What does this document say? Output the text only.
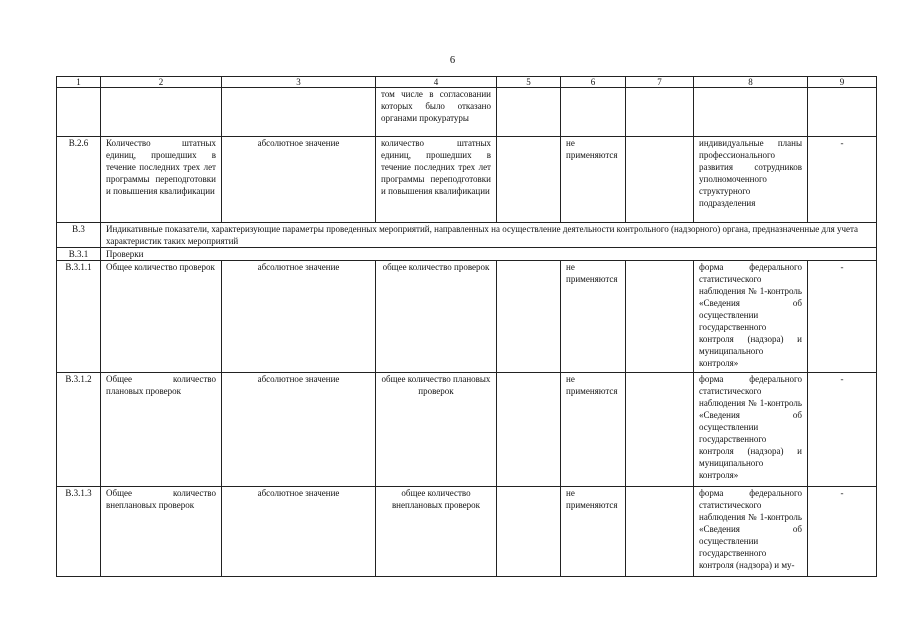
6
1	2	3	4	5	6	7	8	9
			том числе в согласовании которых было отказано органами прокуратуры					
В.2.6	Количество штатных единиц, прошедших в течение последних трех лет программы переподготовки и повышения квалификации	абсолютное значение	количество штатных единиц, прошедших в течение последних трех лет программы переподготовки и повышения квалификации		не применяются		индивидуальные планы профессионального развития сотрудников уполномоченного структурного подразделения	-
В.3	Индикативные показатели, характеризующие параметры проведенных мероприятий, направленных на осуществление деятельности контрольного (надзорного) органа, предназначенные для учета характеристик таких мероприятий							
В.3.1	Проверки							
В.3.1.1	Общее количество проверок	абсолютное значение	общее количество проверок		не применяются		форма федерального статистического наблюдения № 1-контроль «Сведения об осуществлении государственного контроля (надзора) и муниципального контроля»	-
В.3.1.2	Общее количество плановых проверок	абсолютное значение	общее количество плановых проверок		не применяются		форма федерального статистического наблюдения № 1-контроль «Сведения об осуществлении государственного контроля (надзора) и муниципального контроля»	-
В.3.1.3	Общее количество внеплановых проверок	абсолютное значение	общее количество внеплановых проверок		не применяются		форма федерального статистического наблюдения № 1-контроль «Сведения об осуществлении государственного контроля (надзора) и му-	-
